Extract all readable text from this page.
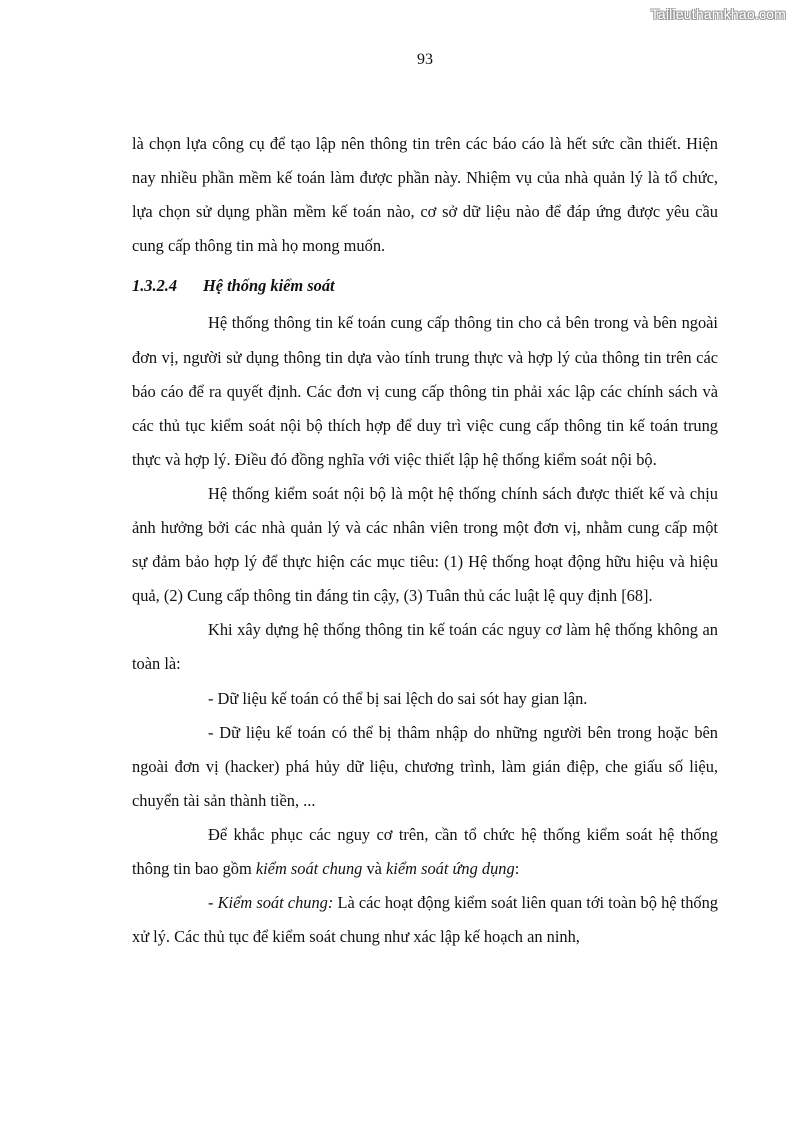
Tailieuthamkhao.com
93

là chọn lựa công cụ để tạo lập nên thông tin trên các báo cáo là hết sức cần thiết. Hiện nay nhiều phần mềm kế toán làm được phần này. Nhiệm vụ của nhà quản lý là tổ chức, lựa chọn sử dụng phần mềm kế toán nào, cơ sở dữ liệu nào để đáp ứng được yêu cầu cung cấp thông tin mà họ mong muốn.

1.3.2.4 Hệ thống kiểm soát

Hệ thống thông tin kế toán cung cấp thông tin cho cả bên trong và bên ngoài đơn vị, người sử dụng thông tin dựa vào tính trung thực và hợp lý của thông tin trên các báo cáo để ra quyết định. Các đơn vị cung cấp thông tin phải xác lập các chính sách và các thủ tục kiểm soát nội bộ thích hợp để duy trì việc cung cấp thông tin kế toán trung thực và hợp lý. Điều đó đồng nghĩa với việc thiết lập hệ thống kiểm soát nội bộ.

Hệ thống kiểm soát nội bộ là một hệ thống chính sách được thiết kế và chịu ảnh hưởng bởi các nhà quản lý và các nhân viên trong một đơn vị, nhằm cung cấp một sự đảm bảo hợp lý để thực hiện các mục tiêu: (1) Hệ thống hoạt động hữu hiệu và hiệu quả, (2) Cung cấp thông tin đáng tin cậy, (3) Tuân thủ các luật lệ quy định [68].

Khi xây dựng hệ thống thông tin kế toán các nguy cơ làm hệ thống không an toàn là:

- Dữ liệu kế toán có thể bị sai lệch do sai sót hay gian lận.

- Dữ liệu kế toán có thể bị thâm nhập do những người bên trong hoặc bên ngoài đơn vị (hacker) phá hủy dữ liệu, chương trình, làm gián điệp, che giấu số liệu, chuyển tài sản thành tiền, ...

Để khắc phục các nguy cơ trên, cần tổ chức hệ thống kiểm soát hệ thống thông tin bao gồm kiểm soát chung và kiểm soát ứng dụng:

- Kiểm soát chung: Là các hoạt động kiểm soát liên quan tới toàn bộ hệ thống xử lý. Các thủ tục để kiểm soát chung như xác lập kế hoạch an ninh,
